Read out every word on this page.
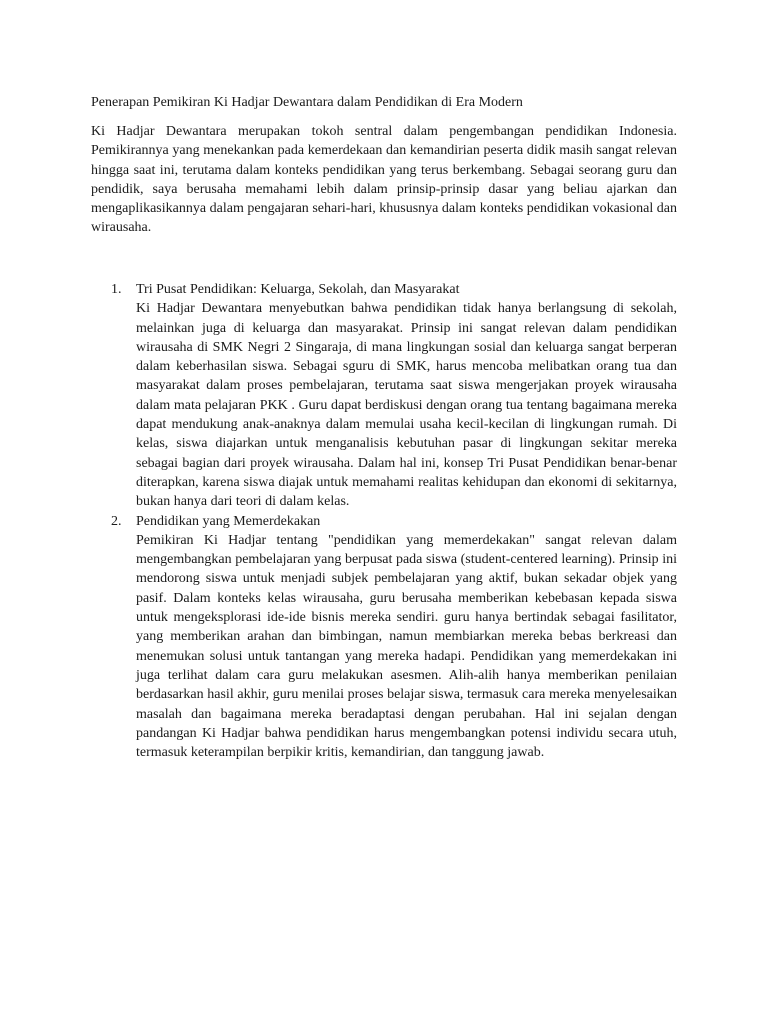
Penerapan Pemikiran Ki Hadjar Dewantara dalam Pendidikan di Era Modern

Ki Hadjar Dewantara merupakan tokoh sentral dalam pengembangan pendidikan Indonesia. Pemikirannya yang menekankan pada kemerdekaan dan kemandirian peserta didik masih sangat relevan hingga saat ini, terutama dalam konteks pendidikan yang terus berkembang. Sebagai seorang guru dan pendidik, saya berusaha memahami lebih dalam prinsip-prinsip dasar yang beliau ajarkan dan mengaplikasikannya dalam pengajaran sehari-hari, khususnya dalam konteks pendidikan vokasional dan wirausaha.

1. Tri Pusat Pendidikan: Keluarga, Sekolah, dan Masyarakat
Ki Hadjar Dewantara menyebutkan bahwa pendidikan tidak hanya berlangsung di sekolah, melainkan juga di keluarga dan masyarakat. Prinsip ini sangat relevan dalam pendidikan wirausaha di SMK Negri 2 Singaraja, di mana lingkungan sosial dan keluarga sangat berperan dalam keberhasilan siswa. Sebagai sguru di SMK, harus mencoba melibatkan orang tua dan masyarakat dalam proses pembelajaran, terutama saat siswa mengerjakan proyek wirausaha dalam mata pelajaran PKK . Guru dapat berdiskusi dengan orang tua tentang bagaimana mereka dapat mendukung anak-anaknya dalam memulai usaha kecil-kecilan di lingkungan rumah. Di kelas, siswa diajarkan untuk menganalisis kebutuhan pasar di lingkungan sekitar mereka sebagai bagian dari proyek wirausaha. Dalam hal ini, konsep Tri Pusat Pendidikan benar-benar diterapkan, karena siswa diajak untuk memahami realitas kehidupan dan ekonomi di sekitarnya, bukan hanya dari teori di dalam kelas.
2. Pendidikan yang Memerdekakan
Pemikiran Ki Hadjar tentang "pendidikan yang memerdekakan" sangat relevan dalam mengembangkan pembelajaran yang berpusat pada siswa (student-centered learning). Prinsip ini mendorong siswa untuk menjadi subjek pembelajaran yang aktif, bukan sekadar objek yang pasif. Dalam konteks kelas wirausaha, guru berusaha memberikan kebebasan kepada siswa untuk mengeksplorasi ide-ide bisnis mereka sendiri. guru hanya bertindak sebagai fasilitator, yang memberikan arahan dan bimbingan, namun membiarkan mereka bebas berkreasi dan menemukan solusi untuk tantangan yang mereka hadapi. Pendidikan yang memerdekakan ini juga terlihat dalam cara guru melakukan asesmen. Alih-alih hanya memberikan penilaian berdasarkan hasil akhir, guru menilai proses belajar siswa, termasuk cara mereka menyelesaikan masalah dan bagaimana mereka beradaptasi dengan perubahan. Hal ini sejalan dengan pandangan Ki Hadjar bahwa pendidikan harus mengembangkan potensi individu secara utuh, termasuk keterampilan berpikir kritis, kemandirian, dan tanggung jawab.
